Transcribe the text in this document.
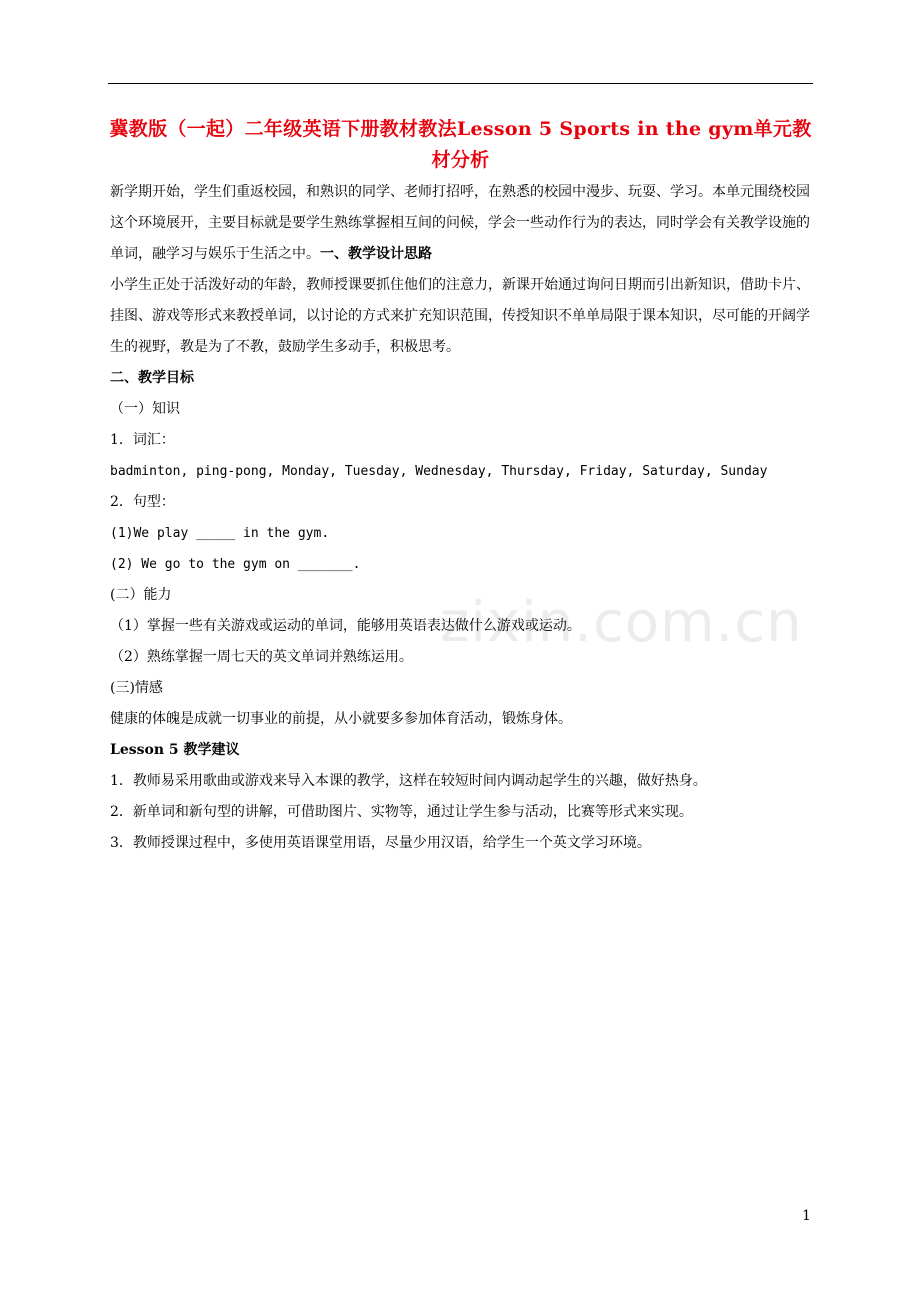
冀教版（一起）二年级英语下册教材教法Lesson 5 Sports in the gym单元教材分析
zixin.com.cn

新学期开始，学生们重返校园，和熟识的同学、老师打招呼，在熟悉的校园中漫步、玩耍、学习。本单元围绕校园这个环境展开，主要目标就是要学生熟练掌握相互间的问候，学会一些动作行为的表达，同时学会有关教学设施的单词，融学习与娱乐于生活之中。一、教学设计思路

小学生正处于活泼好动的年龄，教师授课要抓住他们的注意力，新课开始通过询问日期而引出新知识，借助卡片、挂图、游戏等形式来教授单词，以讨论的方式来扩充知识范围，传授知识不单单局限于课本知识，尽可能的开阔学生的视野，教是为了不教，鼓励学生多动手，积极思考。

二、教学目标

（一）知识

1．词汇：

badminton, ping-pong, Monday, Tuesday, Wednesday, Thursday, Friday, Saturday, Sunday

2．句型：

(1)We play _____ in the gym.

(2) We go to the gym on _______.

(二）能力

（1）掌握一些有关游戏或运动的单词，能够用英语表达做什么游戏或运动。

（2）熟练掌握一周七天的英文单词并熟练运用。

(三)情感

健康的体魄是成就一切事业的前提，从小就要多参加体育活动，锻炼身体。

Lesson 5 教学建议

1．教师易采用歌曲或游戏来导入本课的教学，这样在较短时间内调动起学生的兴趣，做好热身。

2．新单词和新句型的讲解，可借助图片、实物等，通过让学生参与活动，比赛等形式来实现。

3．教师授课过程中，多使用英语课堂用语，尽量少用汉语，给学生一个英文学习环境。

1
